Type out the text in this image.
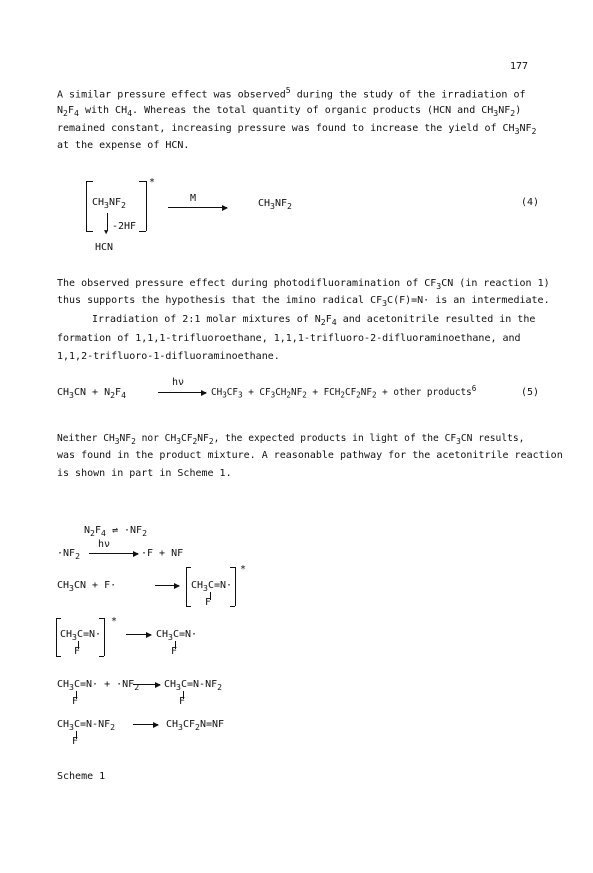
177
A similar pressure effect was observed$^5$ during the study of the irradiation of
$N_2F_4$ with $CH_4$. Whereas the total quantity of organic products (HCN and $CH_3NF_2$)
remained constant, increasing pressure was found to increase the yield of $CH_3NF_2$
at the expense of HCN.
$CH_3NF_2$
*
▼ -2HF
HCN
M	$CH_3NF_2$	(4)
The observed pressure effect during photodifluoramination of $CF_3CN$ (in reaction 1)
thus supports the hypothesis that the imino radical $CF_3C(F)=N\cdot$ is an intermediate.
Irradiation of 2:1 molar mixtures of $N_2F_4$ and acetonitrile resulted in the
formation of 1,1,1-trifluoroethane, 1,1,1-trifluoro-2-difluoraminoethane, and
1,1,2-trifluoro-1-difluoraminoethane.
$CH_3CN + N_2F_4$
hν
$CH_3CF_3 + CF_3CH_2NF_2 + FCH_2CF_2NF_2$ + other products$^6$	(5)
Neither $CH_3NF_2$ nor $CH_3CF_2NF_2$, the expected products in light of the $CF_3CN$ results,
was found in the product mixture. A reasonable pathway for the acetonitrile reaction
is shown in part in Scheme 1.
$N_2F_4$ ⇌ $\cdot NF_2$
$\cdot NF_2$
hν
·F + NF
$CH_3CN + F\cdot$	→ $CH_3C=N\cdot$
F
*
$CH_3C=N\cdot$
F
*
→ $CH_3C=N\cdot$
F
$CH_3C=N\cdot + \cdot NF_2$
F
→ $CH_3C=N-NF_2$
F
$CH_3C=N-NF_2$
F
→ $CH_3CF_2N=NF$
Scheme 1
